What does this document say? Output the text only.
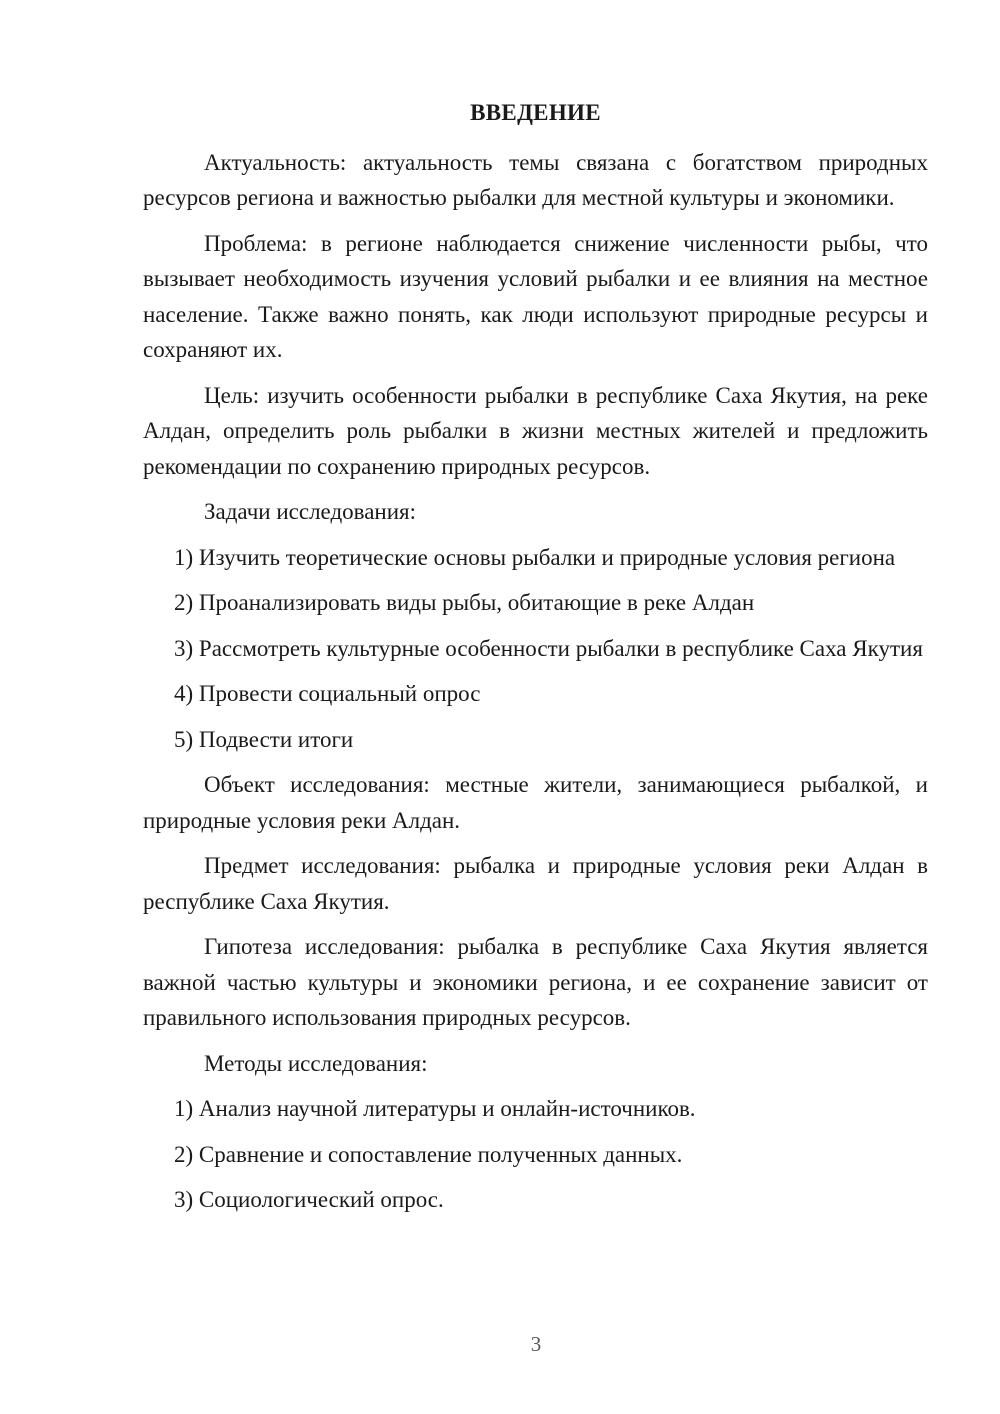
ВВЕДЕНИЕ

Актуальность: актуальность темы связана с богатством природных ресурсов региона и важностью рыбалки для местной культуры и экономики.

Проблема: в регионе наблюдается снижение численности рыбы, что вызывает необходимость изучения условий рыбалки и ее влияния на местное население. Также важно понять, как люди используют природные ресурсы и сохраняют их.

Цель: изучить особенности рыбалки в республике Саха Якутия, на реке Алдан, определить роль рыбалки в жизни местных жителей и предложить рекомендации по сохранению природных ресурсов.

Задачи исследования:

1) Изучить теоретические основы рыбалки и природные условия региона

2) Проанализировать виды рыбы, обитающие в реке Алдан

3) Рассмотреть культурные особенности рыбалки в республике Саха Якутия

4) Провести социальный опрос

5) Подвести итоги

Объект исследования: местные жители, занимающиеся рыбалкой, и природные условия реки Алдан.

Предмет исследования: рыбалка и природные условия реки Алдан в республике Саха Якутия.

Гипотеза исследования: рыбалка в республике Саха Якутия является важной частью культуры и экономики региона, и ее сохранение зависит от правильного использования природных ресурсов.

Методы исследования:

1) Анализ научной литературы и онлайн-источников.

2) Сравнение и сопоставление полученных данных.

3) Социологический опрос.

3
